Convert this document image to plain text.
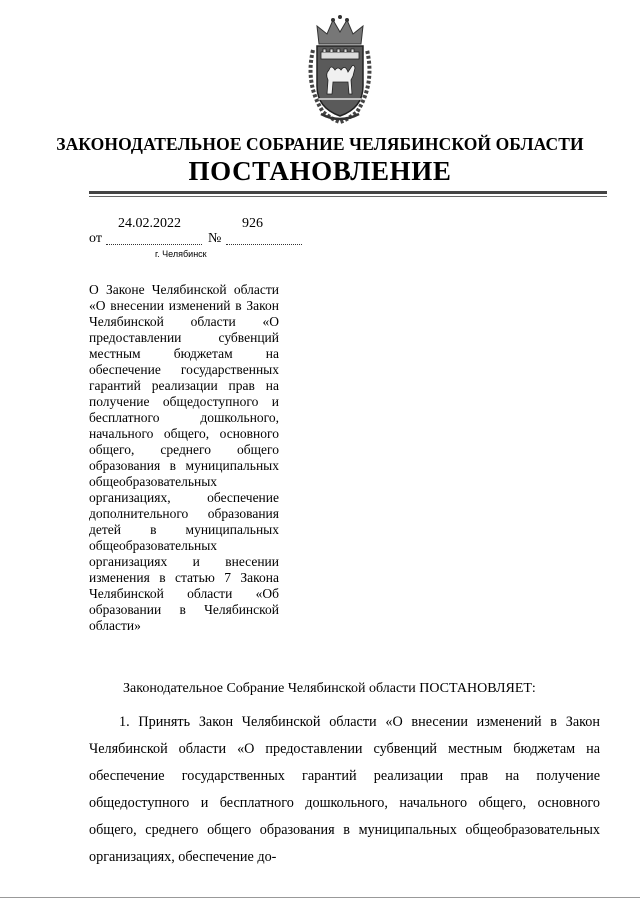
ЗАКОНОДАТЕЛЬНОЕ СОБРАНИЕ ЧЕЛЯБИНСКОЙ ОБЛАСТИ
ПОСТАНОВЛЕНИЕ
24.02.2022	926
от	№
г. Челябинск
О Законе Челябинской области «О внесении изменений в Закон Челябинской области «О предоставлении субвенций местным бюджетам на обеспечение государственных гарантий реализации прав на получение общедоступного и бесплатного дошкольного, начального общего, основного общего, среднего общего образования в муниципальных общеобразовательных организациях, обеспечение дополнительного образования детей в муниципальных общеобразовательных организациях и внесении изменения в статью 7 Закона Челябинской области «Об образовании в Челябинской области»
Законодательное Собрание Челябинской области ПОСТАНОВЛЯЕТ:
1. Принять Закон Челябинской области «О внесении изменений в Закон Челябинской области «О предоставлении субвенций местным бюджетам на обеспечение государственных гарантий реализации прав на получение общедоступного и бесплатного дошкольного, начального общего, основного общего, среднего общего образования в муниципальных общеобразовательных организациях, обеспечение до-
